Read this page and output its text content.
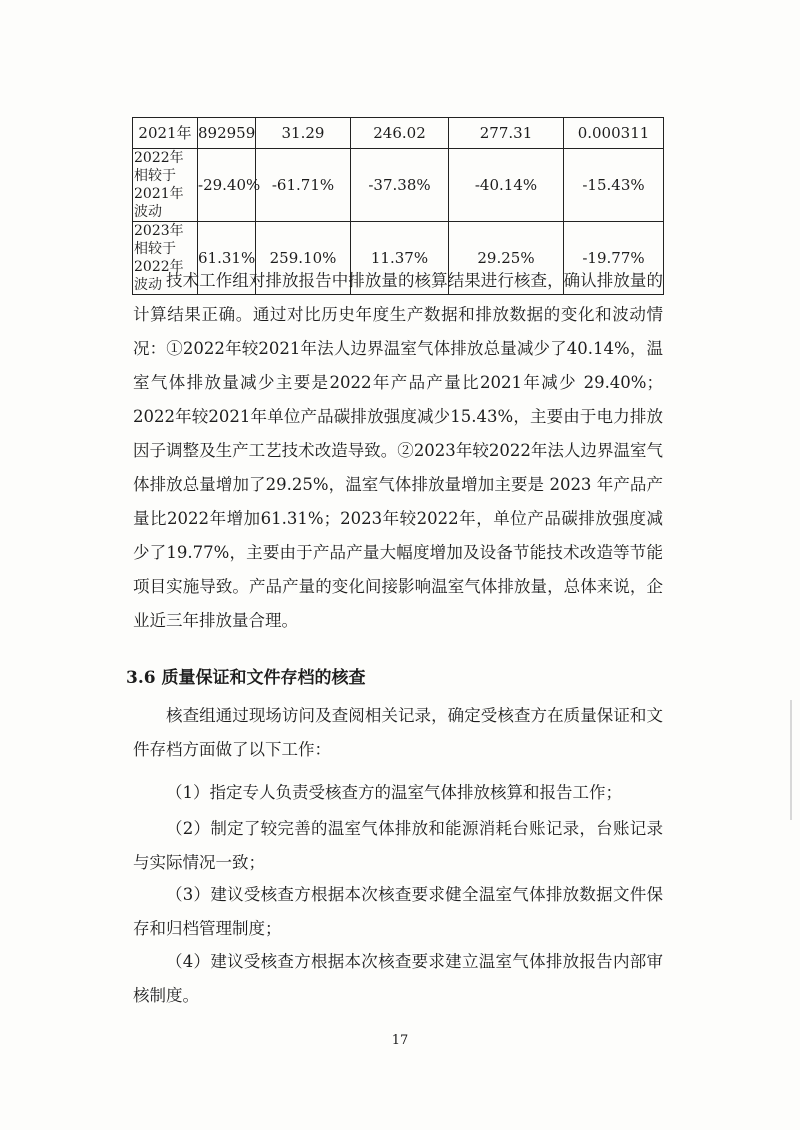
2021年	892959	31.29	246.02	277.31	0.000311
2022年相较于2021年波动	-29.40%	-61.71%	-37.38%	-40.14%	-15.43%
2023年相较于2022年波动	61.31%	259.10%	11.37%	29.25%	-19.77%

技术工作组对排放报告中排放量的核算结果进行核查，确认排放量的计算结果正确。通过对比历史年度生产数据和排放数据的变化和波动情况：①2022年较2021年法人边界温室气体排放总量减少了40.14%，温室气体排放量减少主要是2022年产品产量比2021年减少 29.40%；2022年较2021年单位产品碳排放强度减少15.43%，主要由于电力排放因子调整及生产工艺技术改造导致。②2023年较2022年法人边界温室气体排放总量增加了29.25%，温室气体排放量增加主要是 2023 年产品产量比2022年增加61.31%；2023年较2022年，单位产品碳排放强度减少了19.77%，主要由于产品产量大幅度增加及设备节能技术改造等节能项目实施导致。产品产量的变化间接影响温室气体排放量，总体来说，企业近三年排放量合理。

3.6 质量保证和文件存档的核查

核查组通过现场访问及查阅相关记录，确定受核查方在质量保证和文件存档方面做了以下工作：

（1）指定专人负责受核查方的温室气体排放核算和报告工作；

（2）制定了较完善的温室气体排放和能源消耗台账记录，台账记录与实际情况一致；

（3）建议受核查方根据本次核查要求健全温室气体排放数据文件保存和归档管理制度；

（4）建议受核查方根据本次核查要求建立温室气体排放报告内部审核制度。

17
